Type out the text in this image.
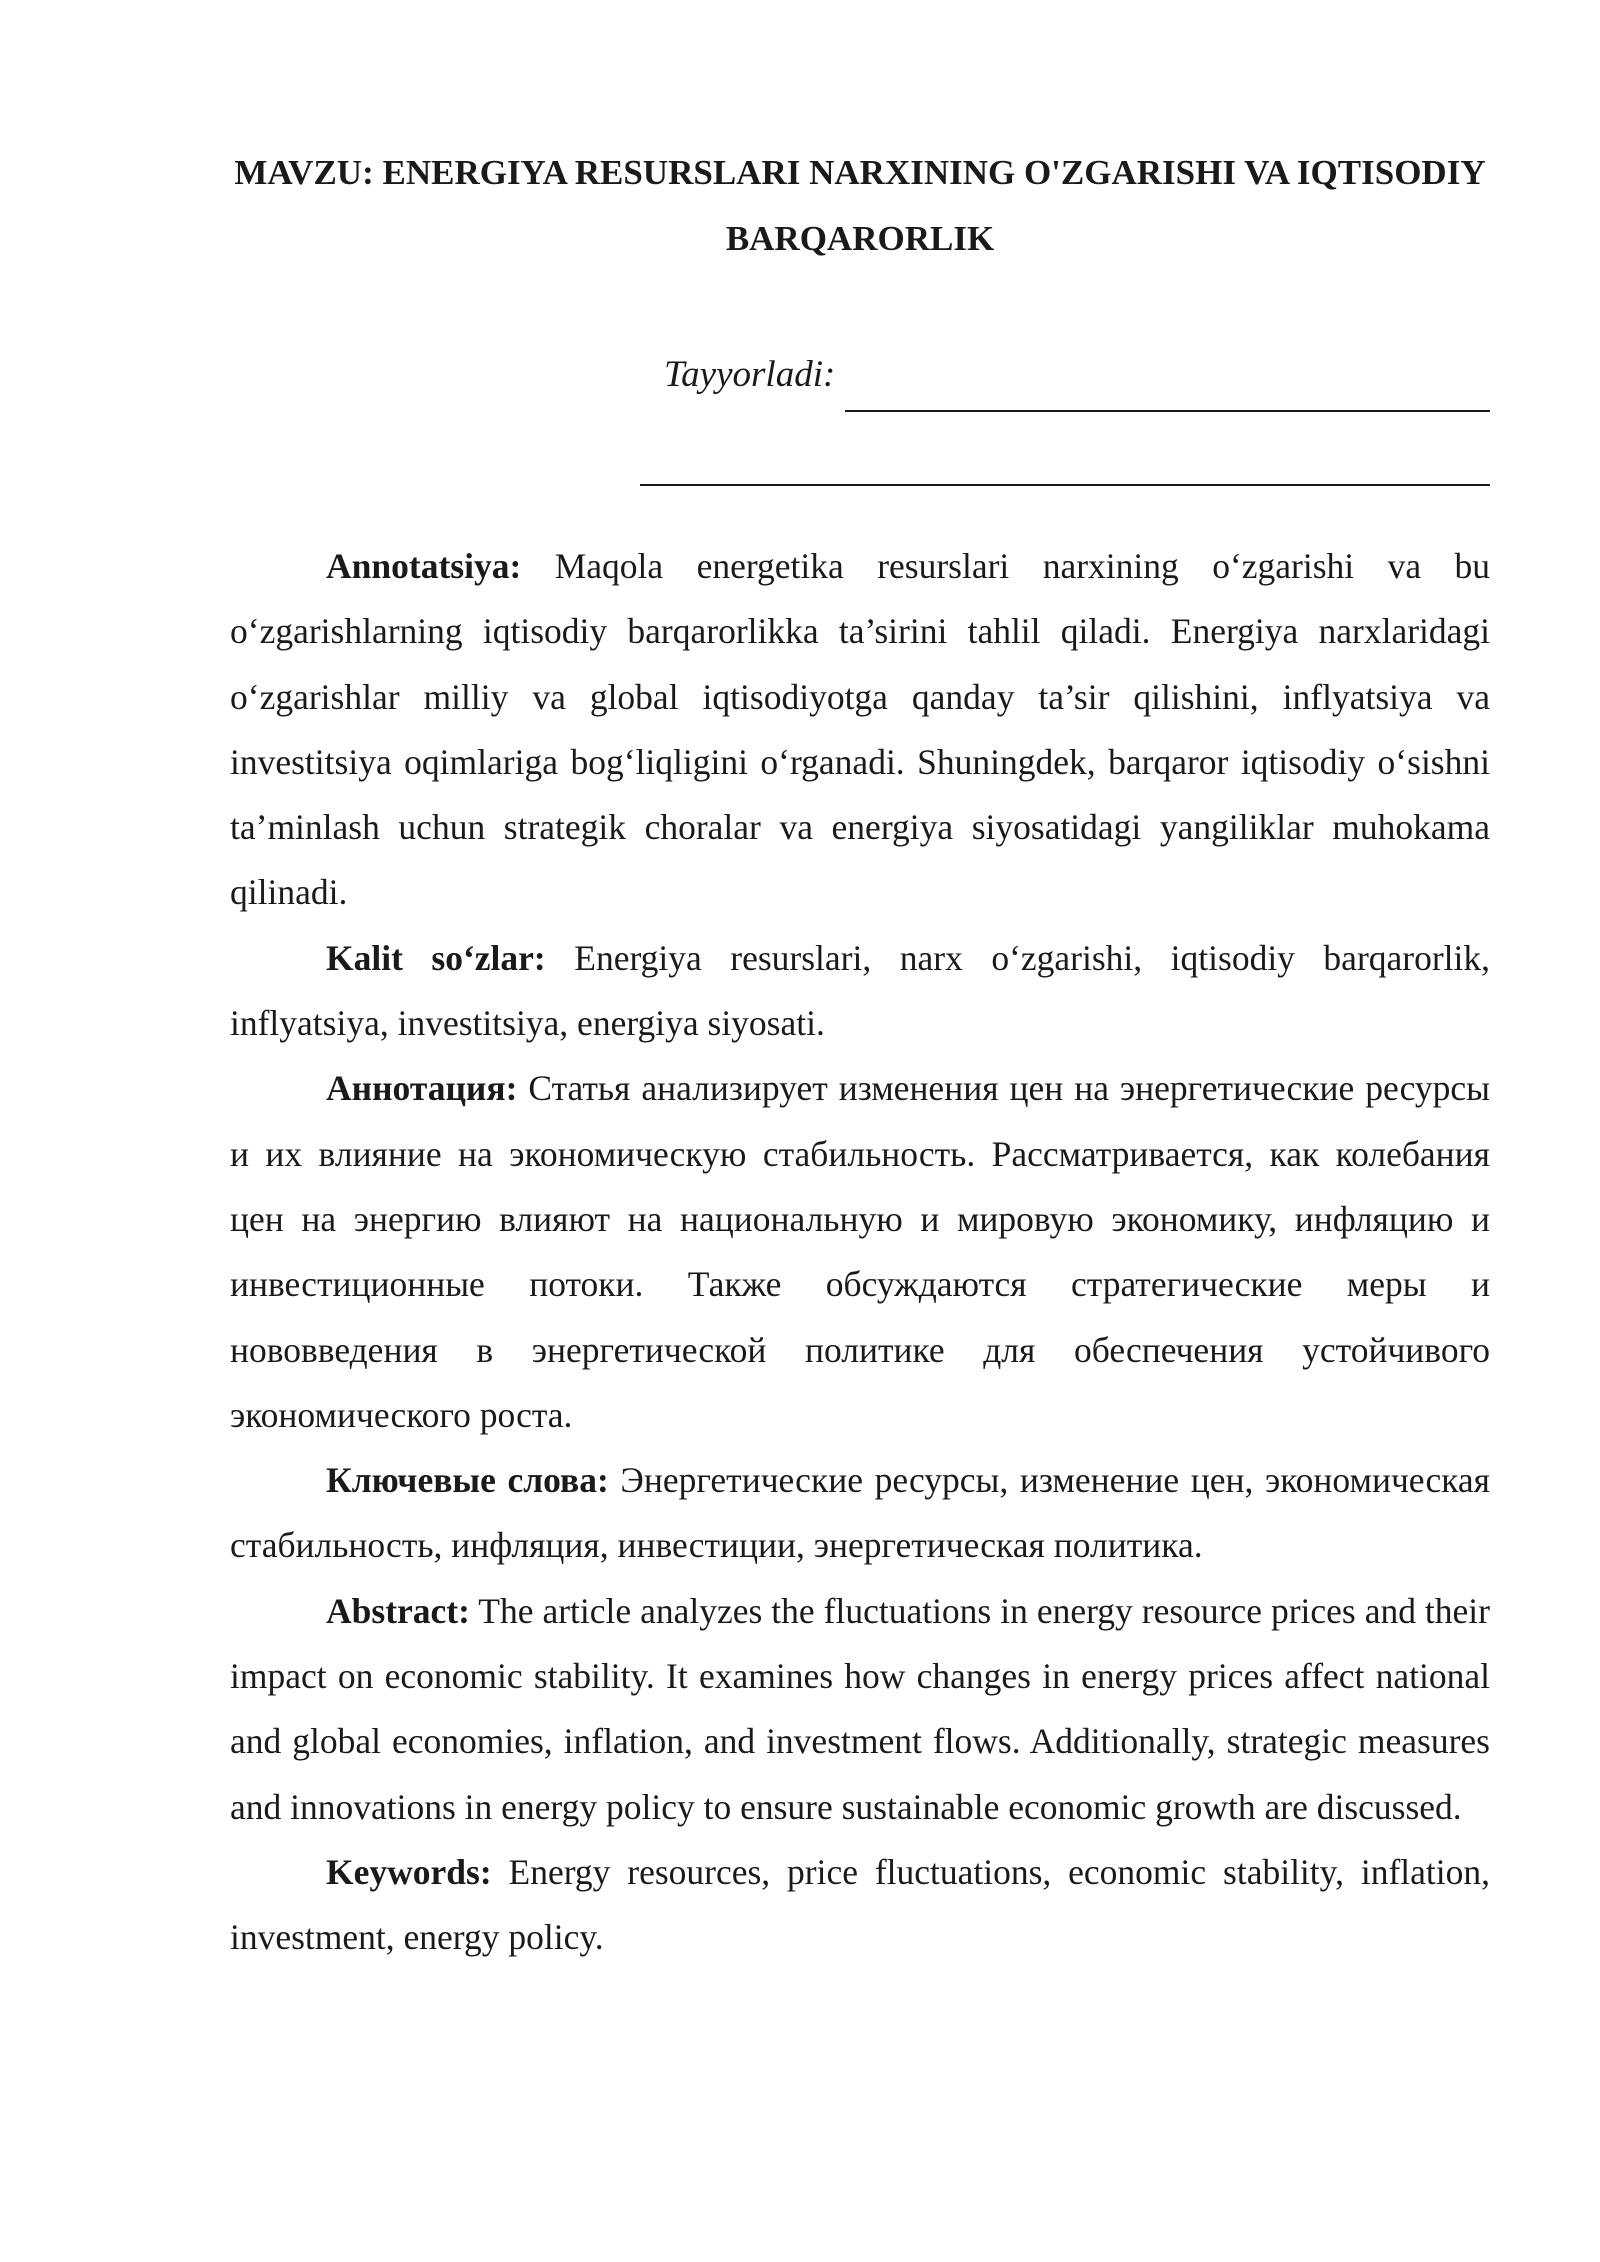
MAVZU: ENERGIYA RESURSLARI NARXINING O'ZGARISHI VA IQTISODIY BARQARORLIK
Tayyorladi:

Annotatsiya: Maqola energetika resurslari narxining o‘zgarishi va bu o‘zgarishlarning iqtisodiy barqarorlikka ta’sirini tahlil qiladi. Energiya narxlaridagi o‘zgarishlar milliy va global iqtisodiyotga qanday ta’sir qilishini, inflyatsiya va investitsiya oqimlariga bog‘liqligini o‘rganadi. Shuningdek, barqaror iqtisodiy o‘sishni ta’minlash uchun strategik choralar va energiya siyosatidagi yangiliklar muhokama qilinadi.

Kalit so‘zlar: Energiya resurslari, narx o‘zgarishi, iqtisodiy barqarorlik, inflyatsiya, investitsiya, energiya siyosati.

Аннотация: Статья анализирует изменения цен на энергетические ресурсы и их влияние на экономическую стабильность. Рассматривается, как колебания цен на энергию влияют на национальную и мировую экономику, инфляцию и инвестиционные потоки. Также обсуждаются стратегические меры и нововведения в энергетической политике для обеспечения устойчивого экономического роста.

Ключевые слова: Энергетические ресурсы, изменение цен, экономическая стабильность, инфляция, инвестиции, энергетическая политика.

Abstract: The article analyzes the fluctuations in energy resource prices and their impact on economic stability. It examines how changes in energy prices affect national and global economies, inflation, and investment flows. Additionally, strategic measures and innovations in energy policy to ensure sustainable economic growth are discussed.

Keywords: Energy resources, price fluctuations, economic stability, inflation, investment, energy policy.
